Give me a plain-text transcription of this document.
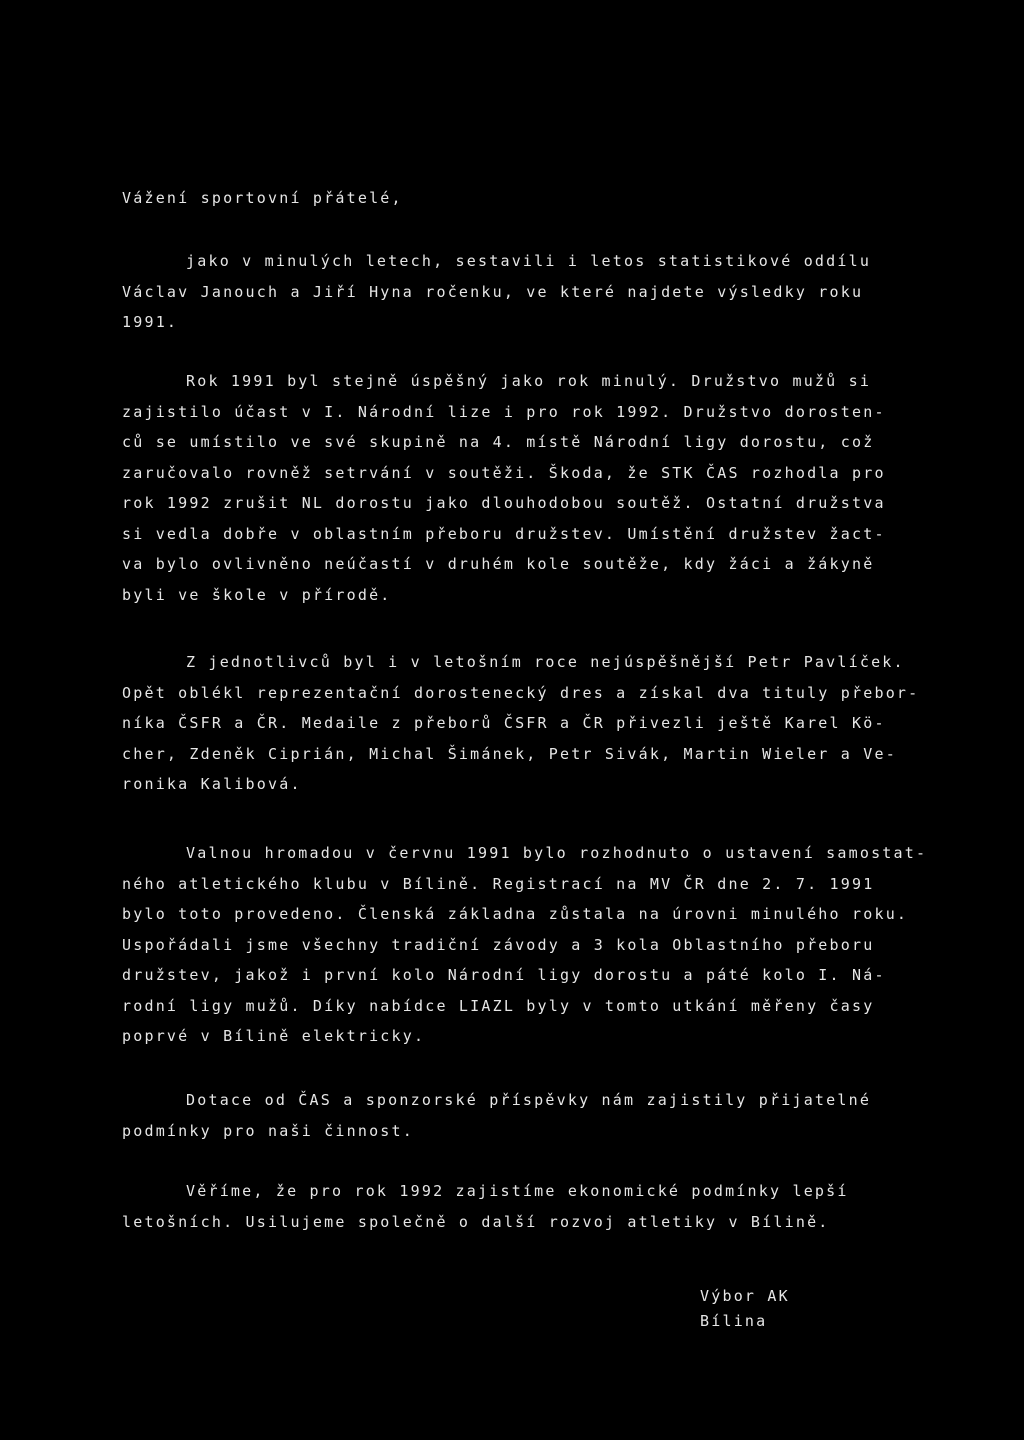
Vážení sportovní přátelé,
jako v minulých letech, sestavili i letos statistikové oddílu
Václav Janouch a Jiří Hyna ročenku, ve které najdete výsledky roku
1991.
Rok 1991 byl stejně úspěšný jako rok minulý. Družstvo mužů si
zajistilo účast v I. Národní lize i pro rok 1992. Družstvo dorosten-
ců se umístilo ve své skupině na 4. místě Národní ligy dorostu, což
zaručovalo rovněž setrvání v soutěži. Škoda, že STK ČAS rozhodla pro
rok 1992 zrušit NL dorostu jako dlouhodobou soutěž. Ostatní družstva
si vedla dobře v oblastním přeboru družstev. Umístění družstev žact-
va bylo ovlivněno neúčastí v druhém kole soutěže, kdy žáci a žákyně
byli ve škole v přírodě.
Z jednotlivců byl i v letošním roce nejúspěšnější Petr Pavlíček.
Opět oblékl reprezentační dorostenecký dres a získal dva tituly přebor-
níka ČSFR a ČR. Medaile z přeborů ČSFR a ČR přivezli ještě Karel Kö-
cher, Zdeněk Ciprián, Michal Šimánek, Petr Sivák, Martin Wieler a Ve-
ronika Kalibová.
Valnou hromadou v červnu 1991 bylo rozhodnuto o ustavení samostat-
ného atletického klubu v Bílině. Registrací na MV ČR dne 2. 7. 1991
bylo toto provedeno. Členská základna zůstala na úrovni minulého roku.
Uspořádali jsme všechny tradiční závody a 3 kola Oblastního přeboru
družstev, jakož i první kolo Národní ligy dorostu a páté kolo I. Ná-
rodní ligy mužů. Díky nabídce LIAZL byly v tomto utkání měřeny časy
poprvé v Bílině elektricky.
Dotace od ČAS a sponzorské příspěvky nám zajistily přijatelné
podmínky pro naši činnost.
Věříme, že pro rok 1992 zajistíme ekonomické podmínky lepší
letošních. Usilujeme společně o další rozvoj atletiky v Bílině.
Výbor AK
Bílina
